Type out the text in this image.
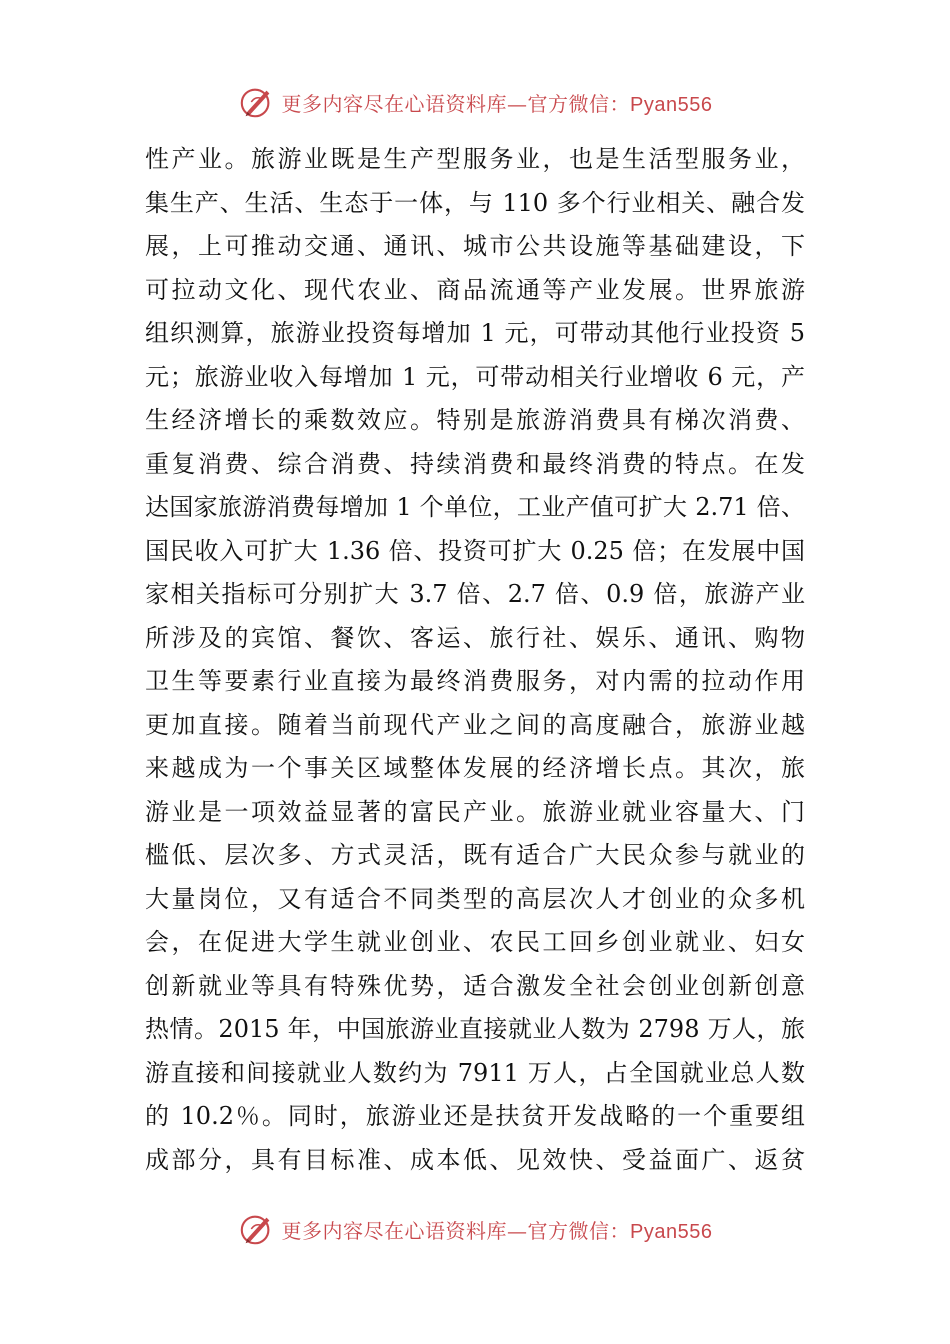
更多内容尽在心语资料库—官方微信：Pyan556
性产业。旅游业既是生产型服务业，也是生活型服务业，
集生产、生活、生态于一体，与 110 多个行业相关、融合发
展，上可推动交通、通讯、城市公共设施等基础建设，下
可拉动文化、现代农业、商品流通等产业发展。世界旅游
组织测算，旅游业投资每增加 1 元，可带动其他行业投资 5
元；旅游业收入每增加 1 元，可带动相关行业增收 6 元，产
生经济增长的乘数效应。特别是旅游消费具有梯次消费、
重复消费、综合消费、持续消费和最终消费的特点。在发
达国家旅游消费每增加 1 个单位，工业产值可扩大 2.71 倍、
国民收入可扩大 1.36 倍、投资可扩大 0.25 倍；在发展中国
家相关指标可分别扩大 3.7 倍、2.7 倍、0.9 倍，旅游产业
所涉及的宾馆、餐饮、客运、旅行社、娱乐、通讯、购物
卫生等要素行业直接为最终消费服务，对内需的拉动作用
更加直接。随着当前现代产业之间的高度融合，旅游业越
来越成为一个事关区域整体发展的经济增长点。其次，旅
游业是一项效益显著的富民产业。旅游业就业容量大、门
槛低、层次多、方式灵活，既有适合广大民众参与就业的
大量岗位，又有适合不同类型的高层次人才创业的众多机
会，在促进大学生就业创业、农民工回乡创业就业、妇女
创新就业等具有特殊优势，适合激发全社会创业创新创意
热情。2015 年，中国旅游业直接就业人数为 2798 万人，旅
游直接和间接就业人数约为 7911 万人，占全国就业总人数
的 10.2％。同时，旅游业还是扶贫开发战略的一个重要组
成部分，具有目标准、成本低、见效快、受益面广、返贫
更多内容尽在心语资料库—官方微信：Pyan556
